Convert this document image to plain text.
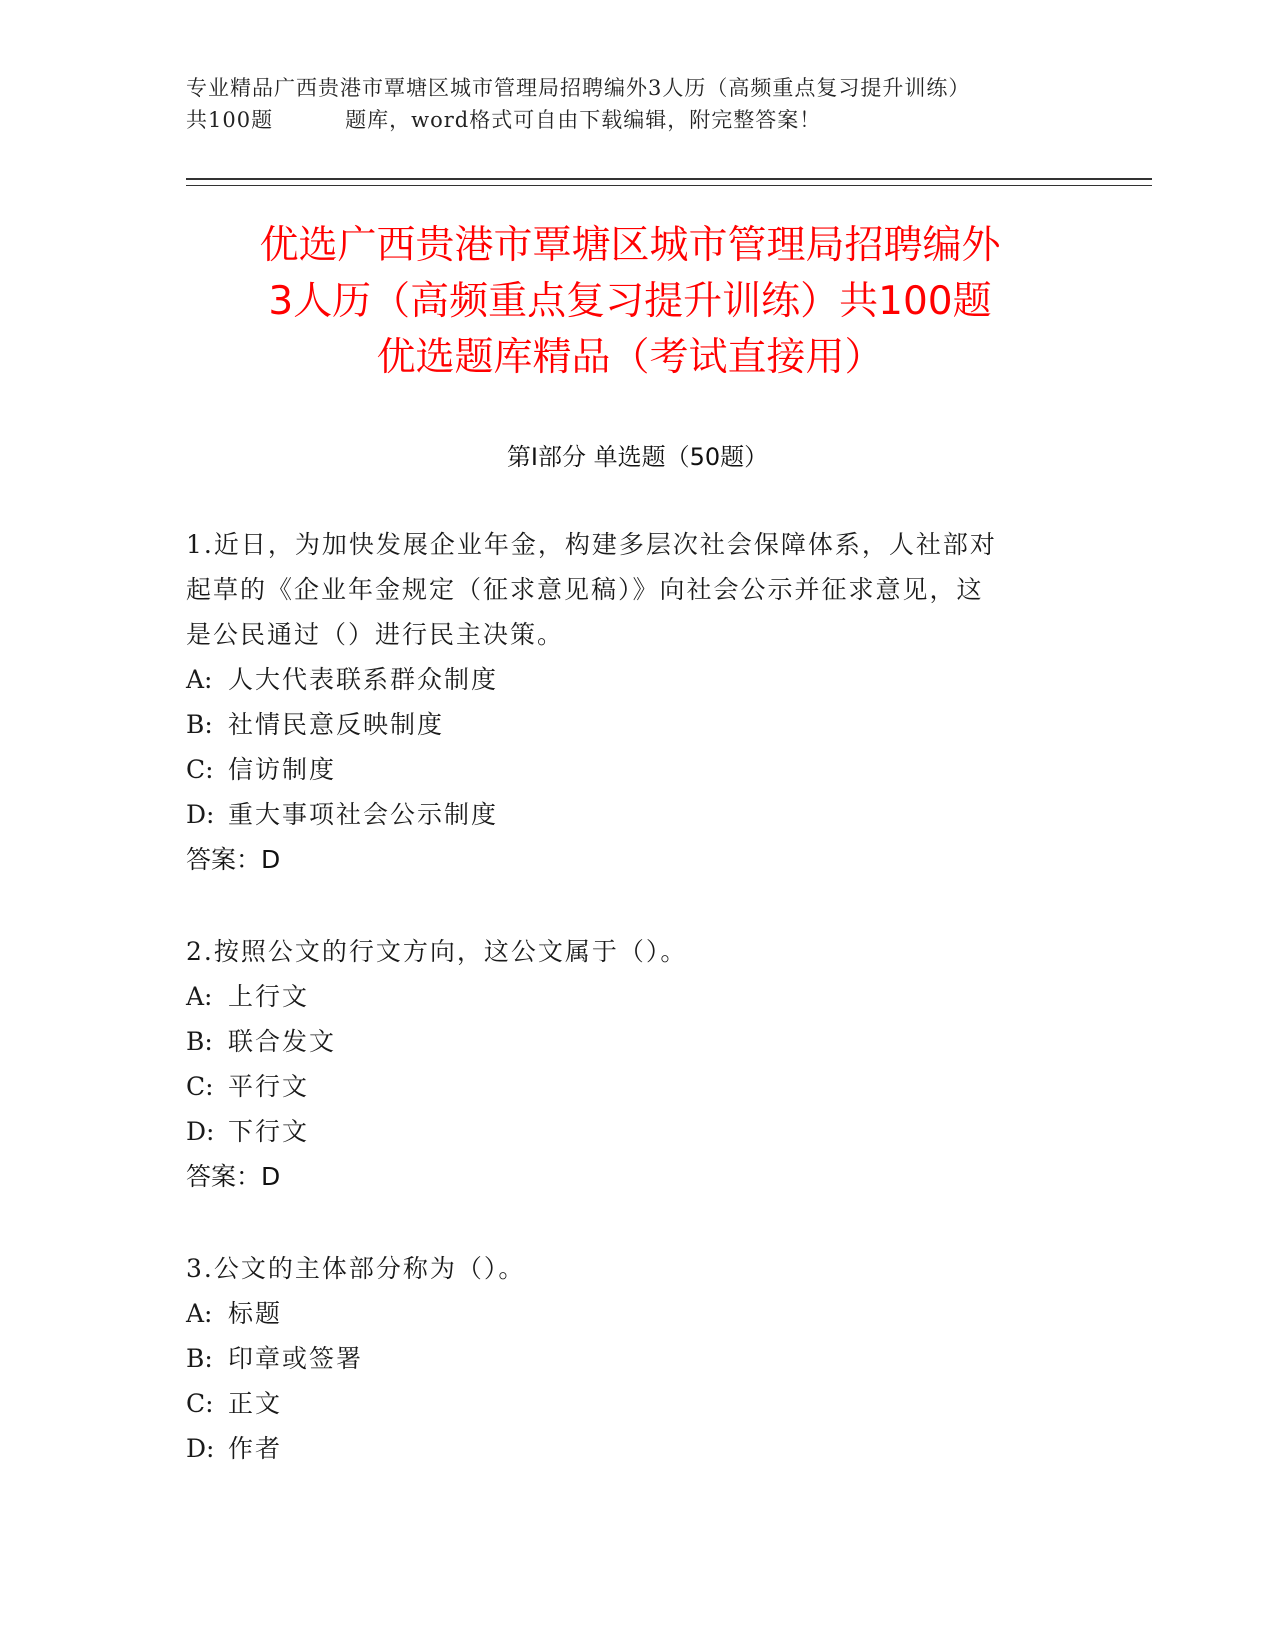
专业精品广西贵港市覃塘区城市管理局招聘编外3人历（高频重点复习提升训练）
共100题	题库，word格式可自由下载编辑，附完整答案！
优选广西贵港市覃塘区城市管理局招聘编外
3人历（高频重点复习提升训练）共100题
优选题库精品（考试直接用）
第Ⅰ部分 单选题（50题）
1.近日，为加快发展企业年金，构建多层次社会保障体系，人社部对
起草的《企业年金规定（征求意见稿）》向社会公示并征求意见，这
是公民通过（）进行民主决策。
A: 人大代表联系群众制度
B: 社情民意反映制度
C: 信访制度
D: 重大事项社会公示制度
答案：D
2.按照公文的行文方向，这公文属于（）。
A: 上行文
B: 联合发文
C: 平行文
D: 下行文
答案：D
3.公文的主体部分称为（）。
A: 标题
B: 印章或签署
C: 正文
D: 作者
